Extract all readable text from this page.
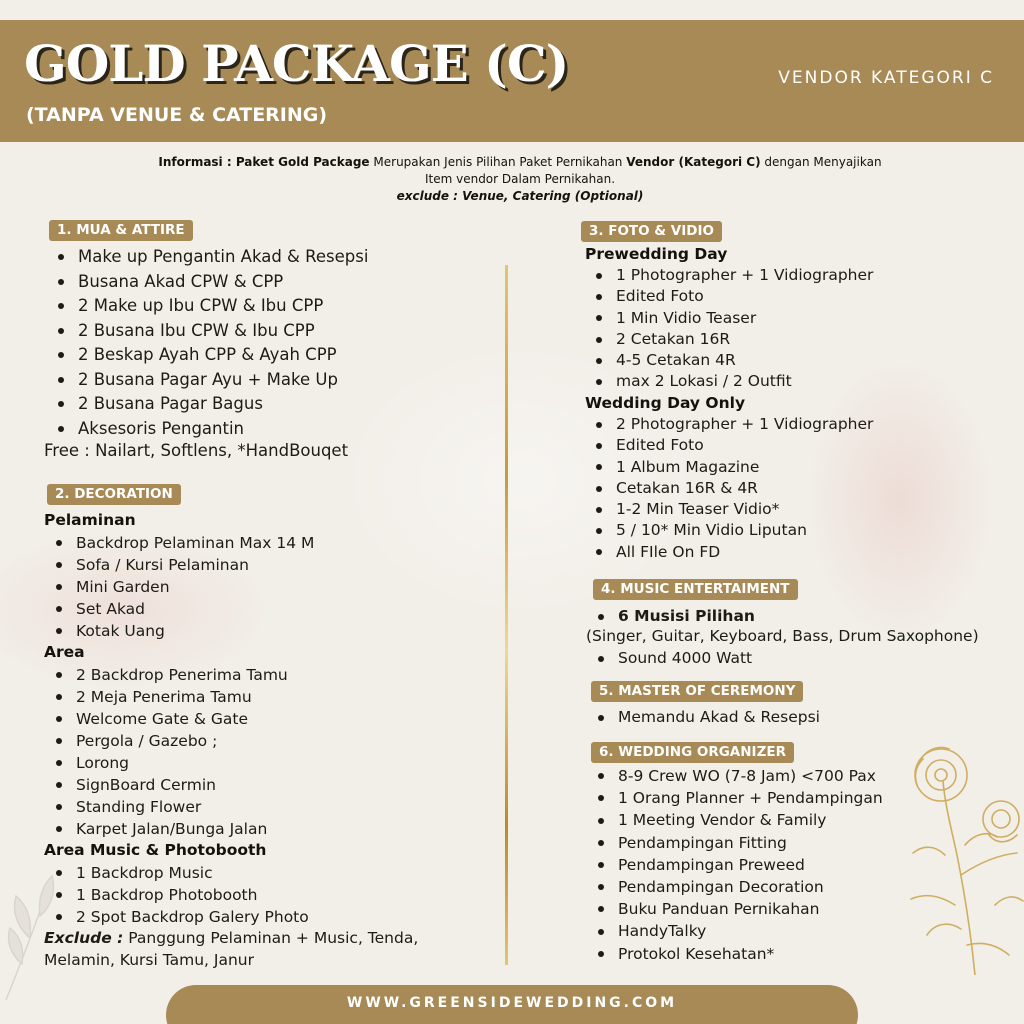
GOLD PACKAGE (C)
(TANPA VENUE & CATERING)
VENDOR KATEGORI C
Informasi : Paket Gold Package Merupakan Jenis Pilihan Paket Pernikahan Vendor (Kategori C) dengan Menyajikan
Item vendor Dalam Pernikahan.
exclude : Venue, Catering (Optional)
1. MUA & ATTIRE
Make up Pengantin Akad & Resepsi
Busana Akad CPW & CPP
2 Make up Ibu CPW & Ibu CPP
2 Busana Ibu CPW & Ibu CPP
2 Beskap Ayah CPP & Ayah CPP
2 Busana Pagar Ayu + Make Up
2 Busana Pagar Bagus
Aksesoris Pengantin
Free : Nailart, Softlens, *HandBouqet
2. DECORATION
Pelaminan
Backdrop Pelaminan Max 14 M
Sofa / Kursi Pelaminan
Mini Garden
Set Akad
Kotak Uang
Area
2 Backdrop Penerima Tamu
2 Meja Penerima Tamu
Welcome Gate & Gate
Pergola / Gazebo ;
Lorong
SignBoard Cermin
Standing Flower
Karpet Jalan/Bunga Jalan
Area Music & Photobooth
1 Backdrop Music
1 Backdrop Photobooth
2 Spot Backdrop Galery Photo
Exclude : Panggung Pelaminan + Music, Tenda,
Melamin, Kursi Tamu, Janur
3. FOTO & VIDIO
Prewedding Day
1 Photographer + 1 Vidiographer
Edited Foto
1 Min Vidio Teaser
2 Cetakan 16R
4-5 Cetakan 4R
max 2 Lokasi / 2 Outfit
Wedding Day Only
2 Photographer + 1 Vidiographer
Edited Foto
1 Album Magazine
Cetakan 16R & 4R
1-2 Min Teaser Vidio*
5 / 10* Min Vidio Liputan
All FIle On FD
4. MUSIC ENTERTAIMENT
6 Musisi Pilihan
(Singer, Guitar, Keyboard, Bass, Drum Saxophone)
Sound 4000 Watt
5. MASTER OF CEREMONY
Memandu Akad & Resepsi
6. WEDDING ORGANIZER
8-9 Crew WO (7-8 Jam) <700 Pax
1 Orang Planner + Pendampingan
1 Meeting Vendor & Family
Pendampingan Fitting
Pendampingan Preweed
Pendampingan Decoration
Buku Panduan Pernikahan
HandyTalky
Protokol Kesehatan*
WWW.GREENSIDEWEDDING.COM
